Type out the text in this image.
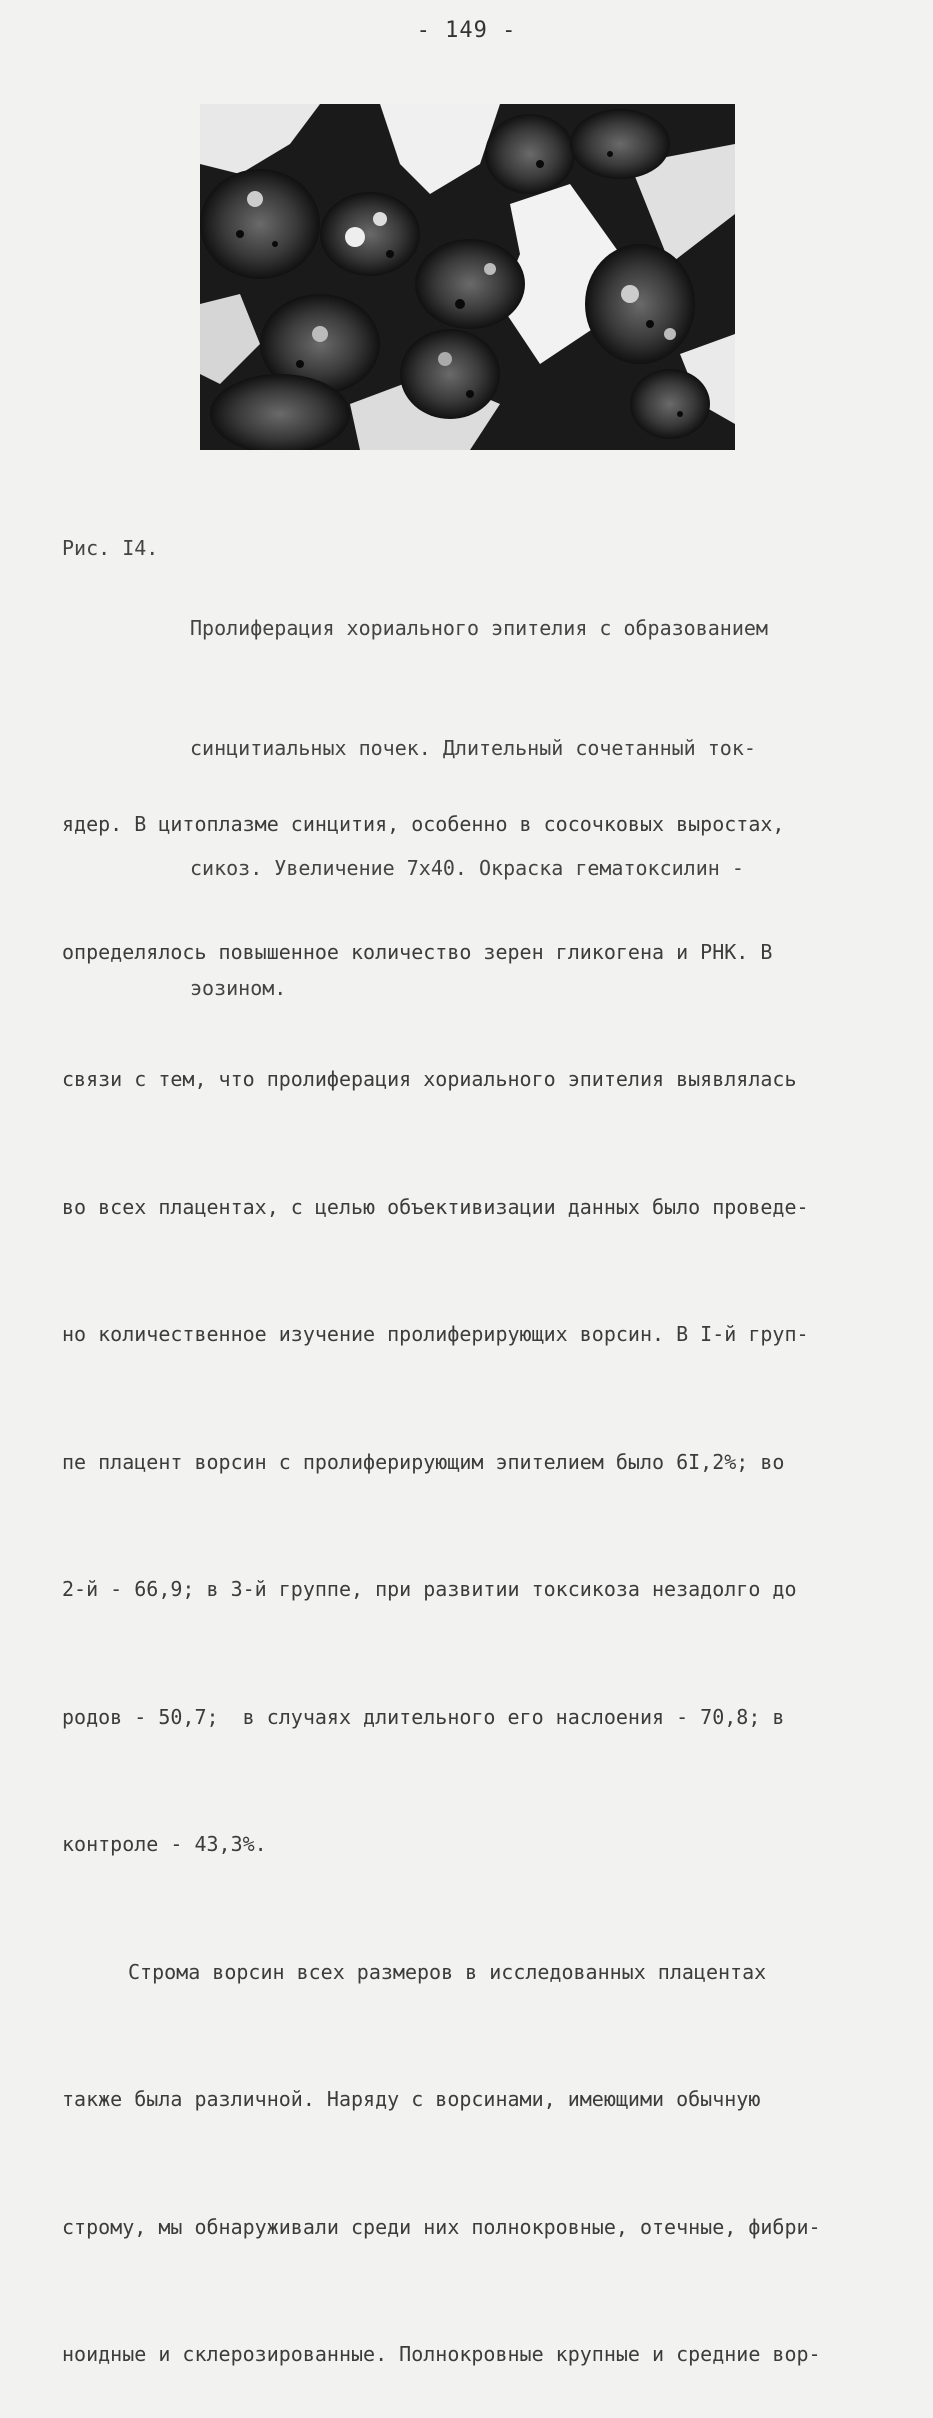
- 149 -
Рис. I4.

Пролиферация хориального эпителия с образованием

синцитиальных почек. Длительный сочетанный ток-

сикоз. Увеличение 7х40. Окраска гематоксилин -

эозином.

ядер. В цитоплазме синцития, особенно в сосочковых выростах,

определялось повышенное количество зерен гликогена и РНК. В

связи с тем, что пролиферация хориального эпителия выявлялась

во всех плацентах, с целью объективизации данных было проведе-

но количественное изучение пролиферирующих ворсин. В I-й груп-

пе плацент ворсин с пролиферирующим эпителием было 6I,2%; во

2-й - 66,9; в 3-й группе, при развитии токсикоза незадолго до

родов - 50,7;  в случаях длительного его наслоения - 70,8; в

контроле - 43,3%.

Строма ворсин всех размеров в исследованных плацентах

также была различной. Наряду с ворсинами, имеющими обычную

строму, мы обнаруживали среди них полнокровные, отечные, фибри-

ноидные и склерозированные. Полнокровные крупные и средние вор-
